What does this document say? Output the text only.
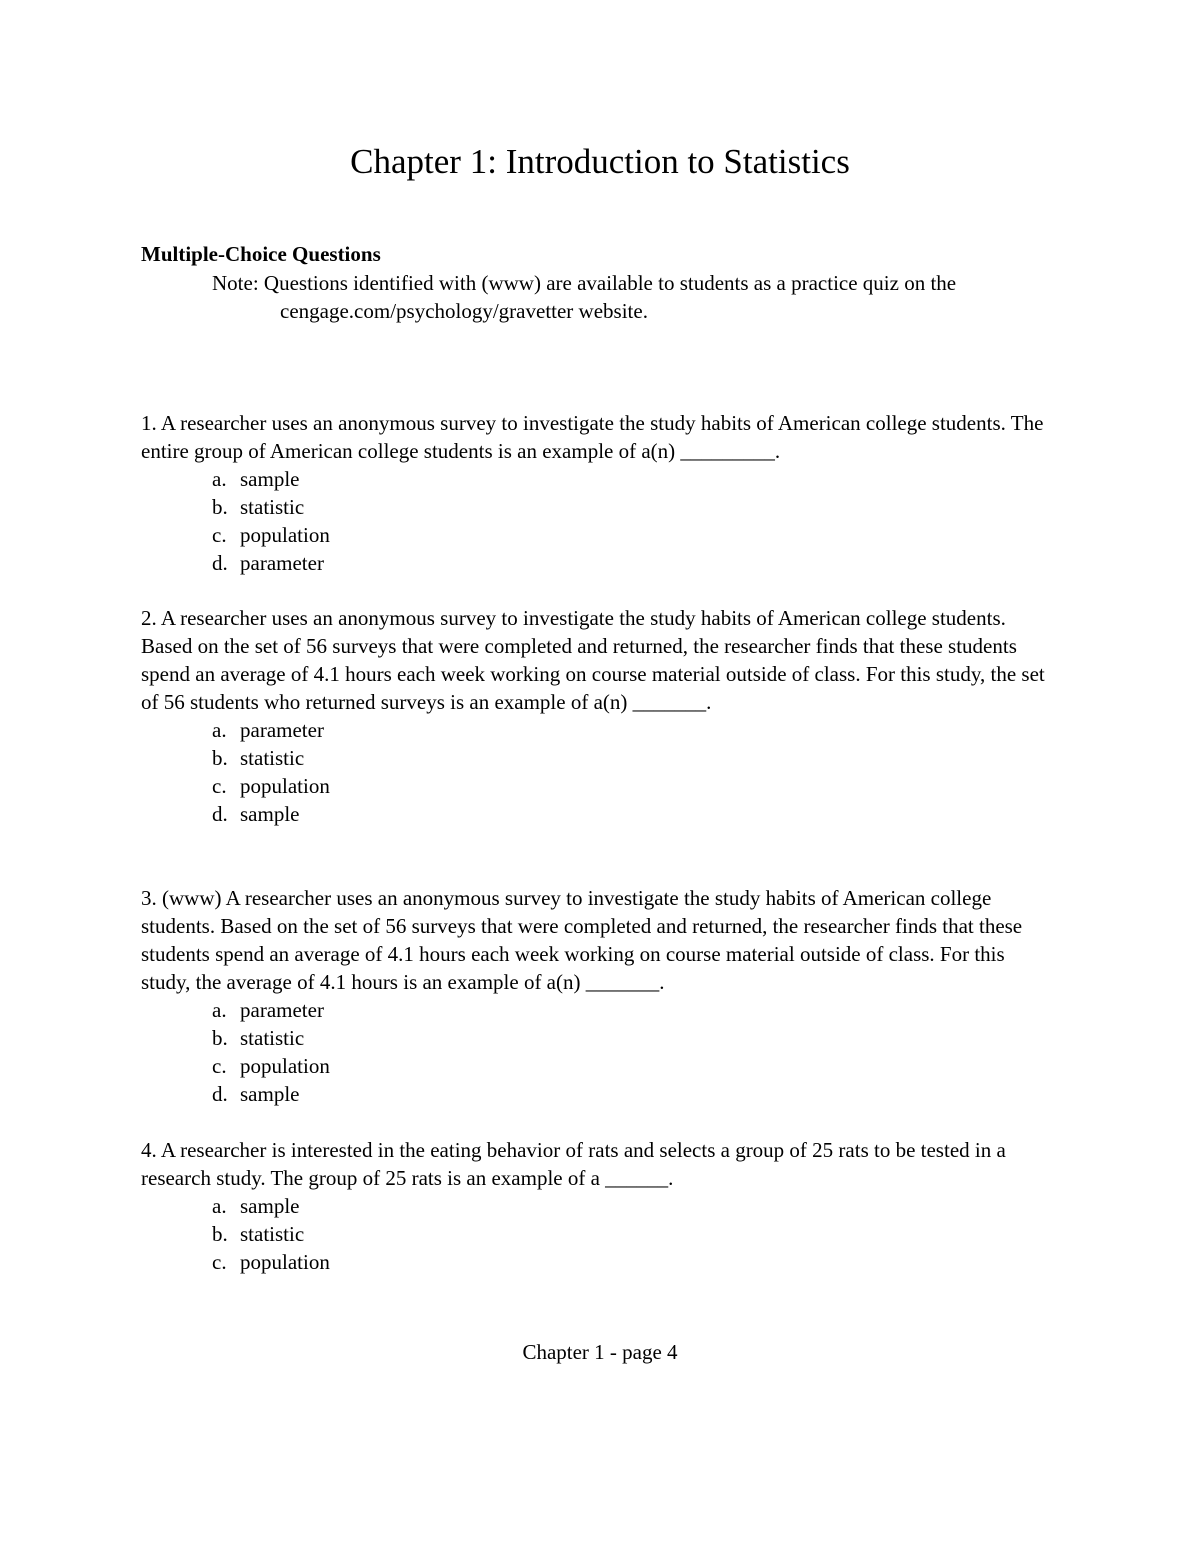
Chapter 1: Introduction to Statistics
Multiple-Choice Questions
Note: Questions identified with (www) are available to students as a practice quiz on the
cengage.com/psychology/gravetter website.

1. A researcher uses an anonymous survey to investigate the study habits of American college students. The entire group of American college students is an example of a(n) _________.

a. sample
b. statistic
c. population
d. parameter

2. A researcher uses an anonymous survey to investigate the study habits of American college students. Based on the set of 56 surveys that were completed and returned, the researcher finds that these students spend an average of 4.1 hours each week working on course material outside of class. For this study, the set of 56 students who returned surveys is an example of a(n) _______.

a. parameter
b. statistic
c. population
d. sample

3. (www) A researcher uses an anonymous survey to investigate the study habits of American college students. Based on the set of 56 surveys that were completed and returned, the researcher finds that these students spend an average of 4.1 hours each week working on course material outside of class. For this study, the average of 4.1 hours is an example of a(n) _______.

a. parameter
b. statistic
c. population
d. sample

4. A researcher is interested in the eating behavior of rats and selects a group of 25 rats to be tested in a research study. The group of 25 rats is an example of a ______.

a. sample
b. statistic
c. population
Chapter 1 - page 4
